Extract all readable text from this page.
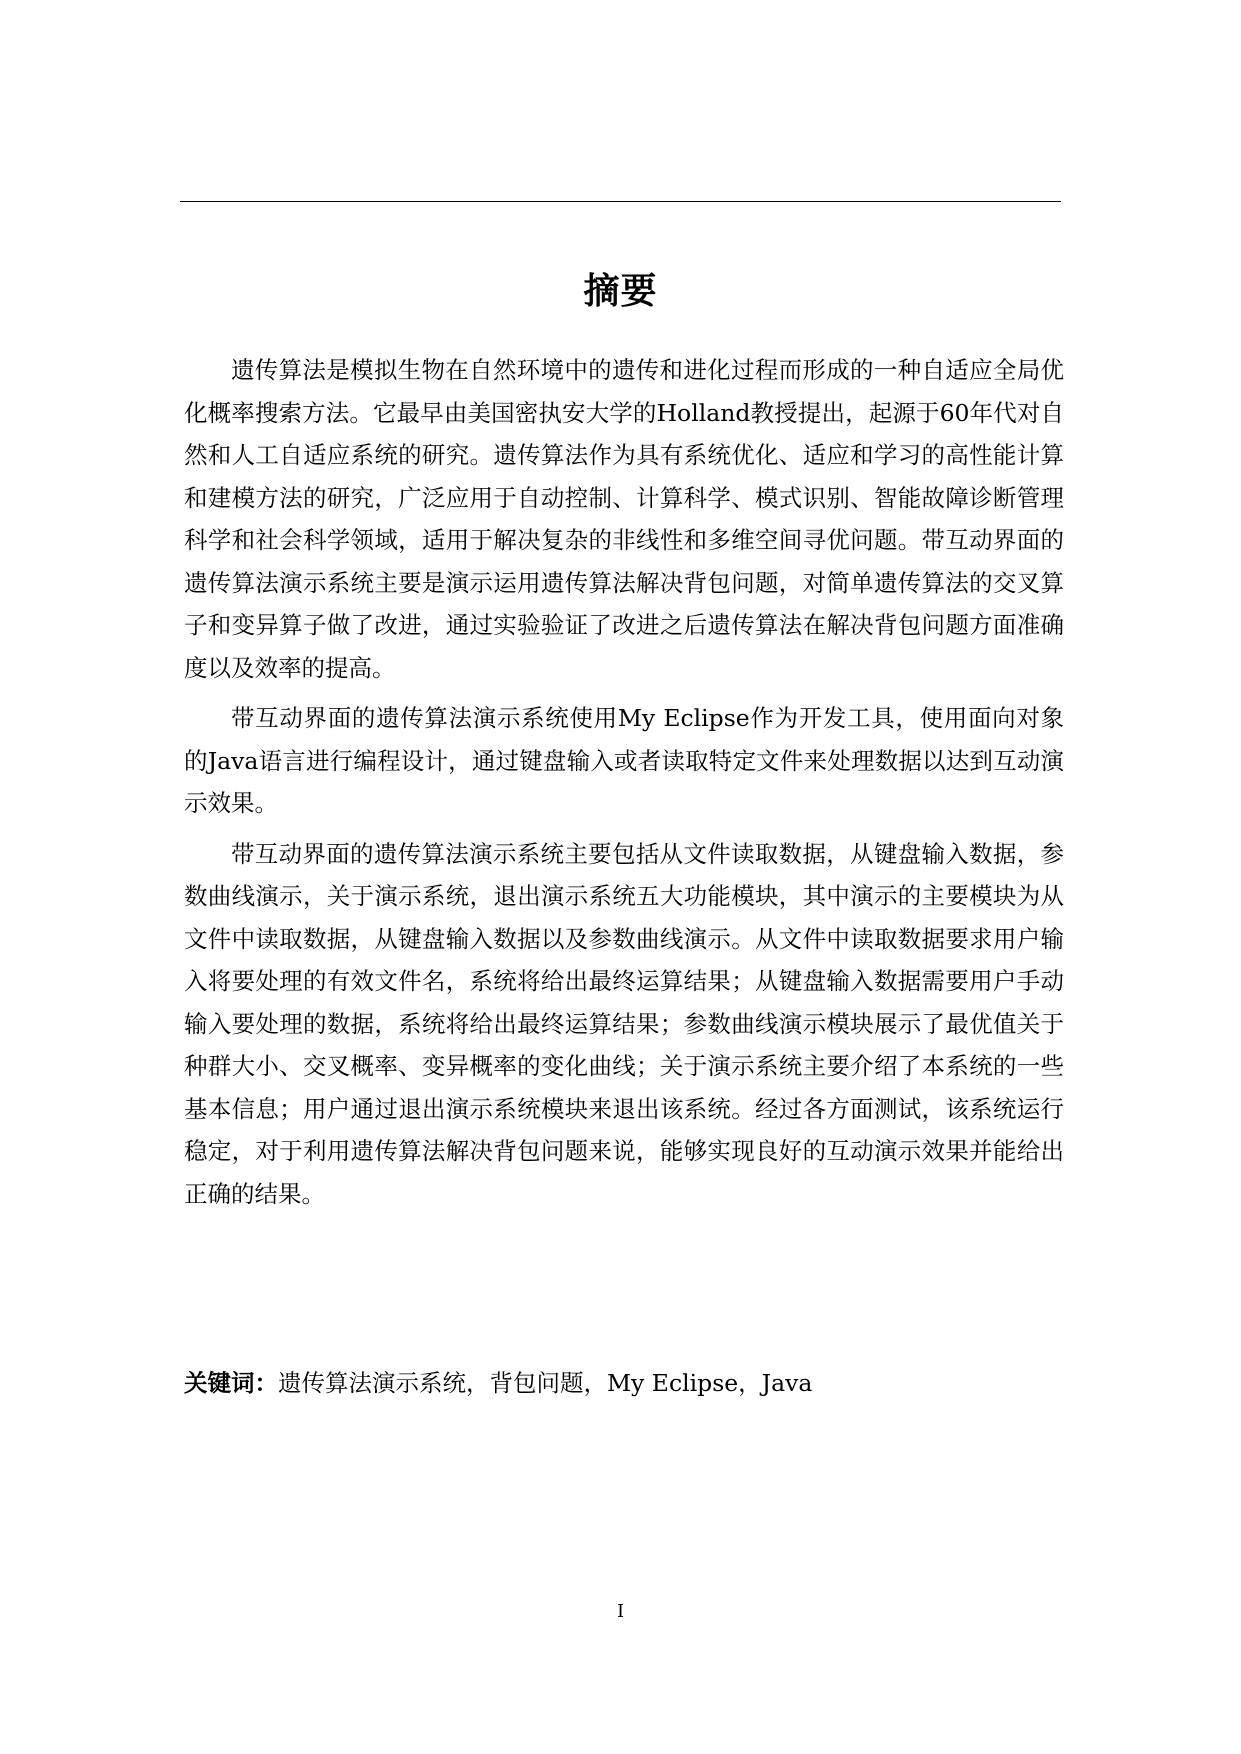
摘要

遗传算法是模拟生物在自然环境中的遗传和进化过程而形成的一种自适应全局优化概率搜索方法。它最早由美国密执安大学的Holland教授提出，起源于60年代对自然和人工自适应系统的研究。遗传算法作为具有系统优化、适应和学习的高性能计算和建模方法的研究，广泛应用于自动控制、计算科学、模式识别、智能故障诊断管理科学和社会科学领域，适用于解决复杂的非线性和多维空间寻优问题。带互动界面的遗传算法演示系统主要是演示运用遗传算法解决背包问题，对简单遗传算法的交叉算子和变异算子做了改进，通过实验验证了改进之后遗传算法在解决背包问题方面准确度以及效率的提高。

带互动界面的遗传算法演示系统使用My Eclipse作为开发工具，使用面向对象的Java语言进行编程设计，通过键盘输入或者读取特定文件来处理数据以达到互动演示效果。

带互动界面的遗传算法演示系统主要包括从文件读取数据，从键盘输入数据，参数曲线演示，关于演示系统，退出演示系统五大功能模块，其中演示的主要模块为从文件中读取数据，从键盘输入数据以及参数曲线演示。从文件中读取数据要求用户输入将要处理的有效文件名，系统将给出最终运算结果；从键盘输入数据需要用户手动输入要处理的数据，系统将给出最终运算结果；参数曲线演示模块展示了最优值关于种群大小、交叉概率、变异概率的变化曲线；关于演示系统主要介绍了本系统的一些基本信息；用户通过退出演示系统模块来退出该系统。经过各方面测试，该系统运行稳定，对于利用遗传算法解决背包问题来说，能够实现良好的互动演示效果并能给出正确的结果。

关键词：遗传算法演示系统，背包问题，My Eclipse，Java
I
